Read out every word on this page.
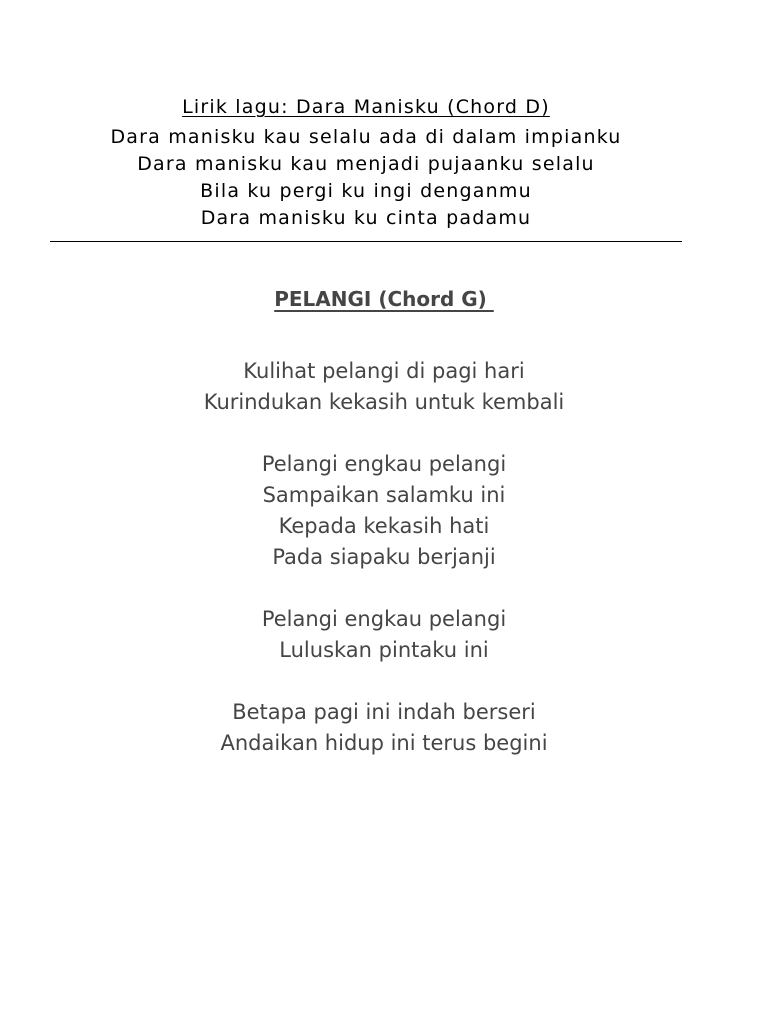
Lirik lagu: Dara Manisku (Chord D)

Dara manisku kau selalu ada di dalam impianku

Dara manisku kau menjadi pujaanku selalu

Bila ku pergi ku ingi denganmu

Dara manisku ku cinta padamu

PELANGI (Chord G)

Kulihat pelangi di pagi hari

Kurindukan kekasih untuk kembali

Pelangi engkau pelangi

Sampaikan salamku ini

Kepada kekasih hati

Pada siapaku berjanji

Pelangi engkau pelangi

Luluskan pintaku ini

Betapa pagi ini indah berseri

Andaikan hidup ini terus begini
